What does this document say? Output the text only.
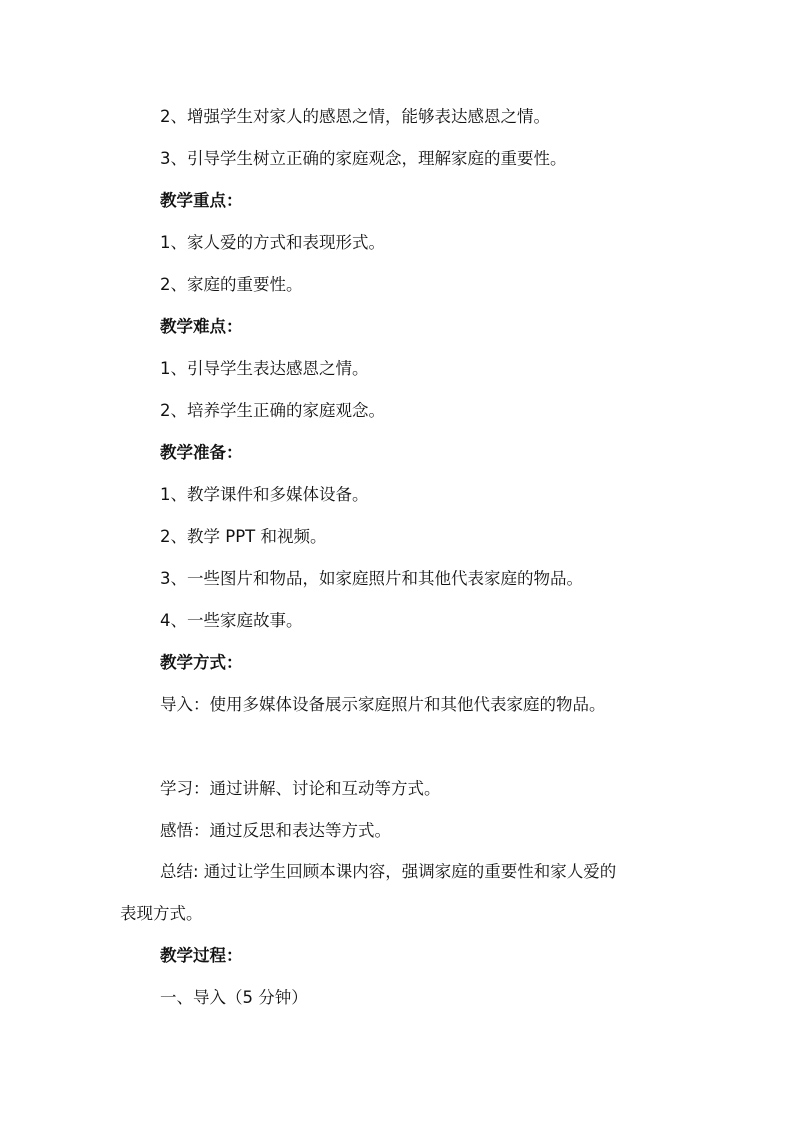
2、增强学生对家人的感恩之情，能够表达感恩之情。
3、引导学生树立正确的家庭观念，理解家庭的重要性。
教学重点：
1、家人爱的方式和表现形式。
2、家庭的重要性。
教学难点：
1、引导学生表达感恩之情。
2、培养学生正确的家庭观念。
教学准备：
1、教学课件和多媒体设备。
2、教学 PPT 和视频。
3、一些图片和物品，如家庭照片和其他代表家庭的物品。
4、一些家庭故事。
教学方式：
导入：使用多媒体设备展示家庭照片和其他代表家庭的物品。
学习：通过讲解、讨论和互动等方式。
感悟：通过反思和表达等方式。
总结: 通过让学生回顾本课内容，强调家庭的重要性和家人爱的
表现方式。
教学过程：
一、导入（5 分钟）
